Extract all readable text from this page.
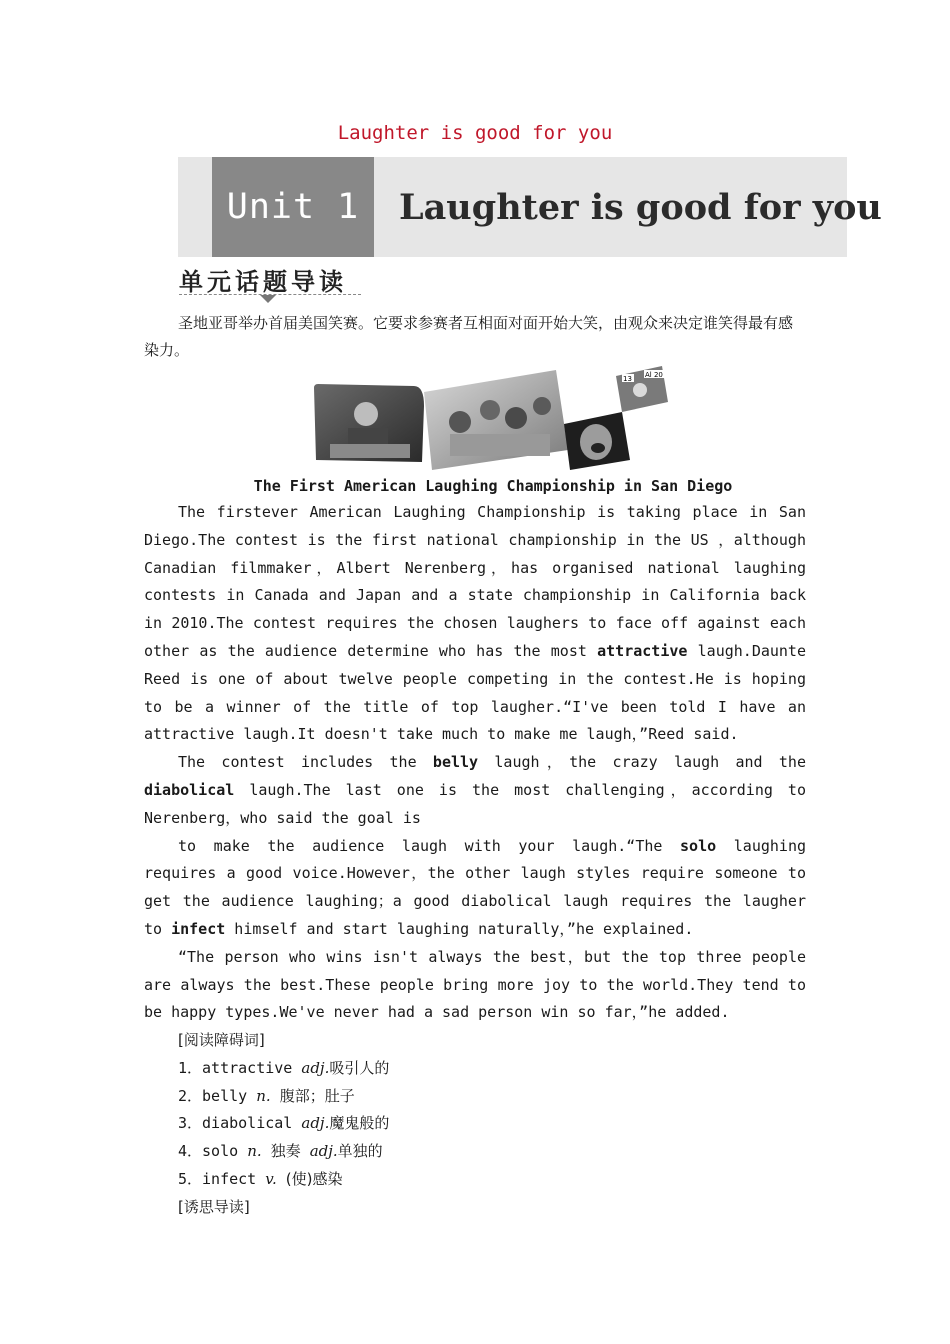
Laughter is good for you
Unit 1	Laughter is good for you
单元话题导读
圣地亚哥举办首届美国笑赛。它要求参赛者互相面对面开始大笑，由观众来决定谁笑得最有感染力。
13 Al 20
The First American Laughing Championship in San Diego

The firstever American Laughing Championship is taking place in San Diego.The contest is the first national championship in the US ，although Canadian filmmaker，Albert Nerenberg，has organised national laughing contests in Canada and Japan and a state championship in California back in 2010.The contest requires the chosen laughers to face off against each other as the audience determine who has the most attractive laugh.Daunte Reed is one of about twelve people competing in the contest.He is hoping to be a winner of the title of top laugher.“I've been told I have an attractive laugh.It doesn't take much to make me laugh，”Reed said.

The contest includes the belly laugh，the crazy laugh and the diabolical laugh.The last one is the most challenging，according to Nerenberg，who said the goal is

to make the audience laugh with your laugh.“The solo laughing requires a good voice.However，the other laugh styles require someone to get the audience laughing；a good diabolical laugh requires the laugher to infect himself and start laughing naturally，”he explained.

“The person who wins isn't always the best，but the top three people are always the best.These people bring more joy to the world.They tend to be happy types.We've never had a sad person win so far，”he added.

[阅读障碍词]
1．attractive adj.吸引人的
2．belly n. 腹部；肚子
3．diabolical adj.魔鬼般的
4．solo n. 独奏 adj.单独的
5．infect v. (使)感染
[诱思导读]
